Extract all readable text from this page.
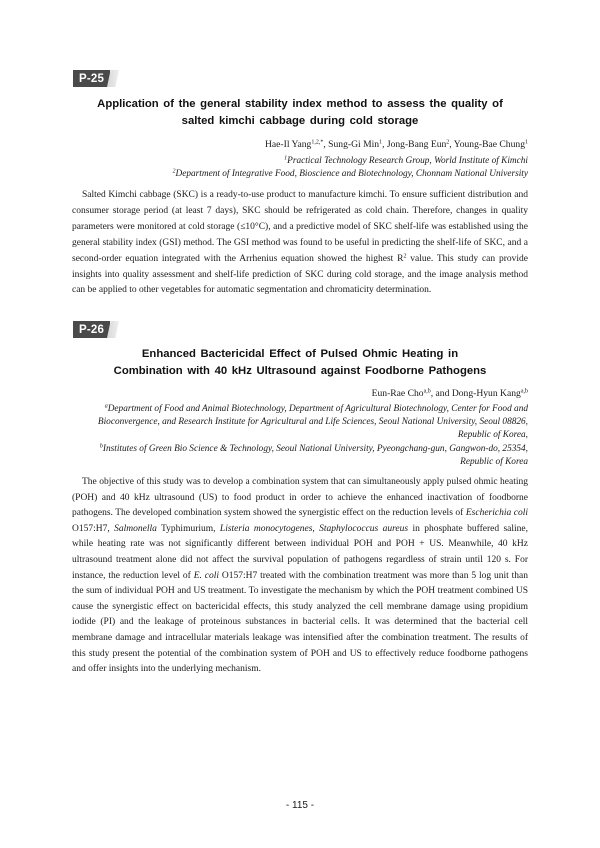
P-25
Application of the general stability index method to assess the quality of
salted kimchi cabbage during cold storage
Hae-Il Yang$^{1,2,*}$, Sung-Gi Min$^1$, Jong-Bang Eun$^2$, Young-Bae Chung$^1$
$^1$Practical Technology Research Group, World Institute of Kimchi
$^2$Department of Integrative Food, Bioscience and Biotechnology, Chonnam National University
Salted Kimchi cabbage (SKC) is a ready-to-use product to manufacture kimchi. To ensure sufficient distribution and consumer storage period (at least 7 days), SKC should be refrigerated as cold chain. Therefore, changes in quality parameters were monitored at cold storage (≤10°C), and a predictive model of SKC shelf-life was established using the general stability index (GSI) method. The GSI method was found to be useful in predicting the shelf-life of SKC, and a second-order equation integrated with the Arrhenius equation showed the highest $R^2$ value. This study can provide insights into quality assessment and shelf-life prediction of SKC during cold storage, and the image analysis method can be applied to other vegetables for automatic segmentation and chromaticity determination.
P-26
Enhanced Bactericidal Effect of Pulsed Ohmic Heating in
Combination with 40 kHz Ultrasound against Foodborne Pathogens
Eun-Rae Cho$^{a,b}$, and Dong-Hyun Kang$^{a,b}$
$^a$Department of Food and Animal Biotechnology, Department of Agricultural Biotechnology, Center for Food and
Bioconvergence, and Research Institute for Agricultural and Life Sciences, Seoul National University, Seoul 08826,
Republic of Korea,
$^b$Institutes of Green Bio Science & Technology, Seoul National University, Pyeongchang-gun, Gangwon-do, 25354,
Republic of Korea
The objective of this study was to develop a combination system that can simultaneously apply pulsed ohmic heating (POH) and 40 kHz ultrasound (US) to food product in order to achieve the enhanced inactivation of foodborne pathogens. The developed combination system showed the synergistic effect on the reduction levels of Escherichia coli O157:H7, Salmonella Typhimurium, Listeria monocytogenes, Staphylococcus aureus in phosphate buffered saline, while heating rate was not significantly different between individual POH and POH + US. Meanwhile, 40 kHz ultrasound treatment alone did not affect the survival population of pathogens regardless of strain until 120 s. For instance, the reduction level of E. coli O157:H7 treated with the combination treatment was more than 5 log unit than the sum of individual POH and US treatment. To investigate the mechanism by which the POH treatment combined US cause the synergistic effect on bactericidal effects, this study analyzed the cell membrane damage using propidium iodide (PI) and the leakage of proteinous substances in bacterial cells. It was determined that the bacterial cell membrane damage and intracellular materials leakage was intensified after the combination treatment. The results of this study present the potential of the combination system of POH and US to effectively reduce foodborne pathogens and offer insights into the underlying mechanism.
- 115 -
